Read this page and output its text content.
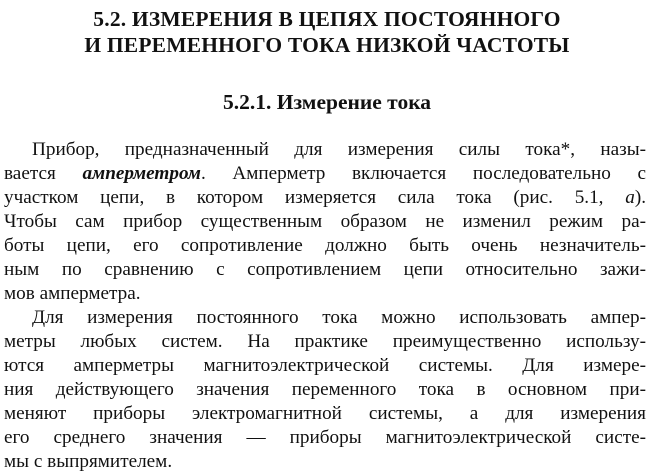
5.2. ИЗМЕРЕНИЯ В ЦЕПЯХ ПОСТОЯННОГО
И ПЕРЕМЕННОГО ТОКА НИЗКОЙ ЧАСТОТЫ
5.2.1. Измерение тока
Прибор, предназначенный для измерения силы тока*, назы-
вается амперметром. Амперметр включается последовательно с
участком цепи, в котором измеряется сила тока (рис. 5.1, а).
Чтобы сам прибор существенным образом не изменил режим ра-
боты цепи, его сопротивление должно быть очень незначитель-
ным по сравнению с сопротивлением цепи относительно зажи-
мов амперметра.
Для измерения постоянного тока можно использовать ампер-
метры любых систем. На практике преимущественно использу-
ются амперметры магнитоэлектрической системы. Для измере-
ния действующего значения переменного тока в основном при-
меняют приборы электромагнитной системы, а для измерения
его среднего значения — приборы магнитоэлектрической систе-
мы с выпрямителем.
